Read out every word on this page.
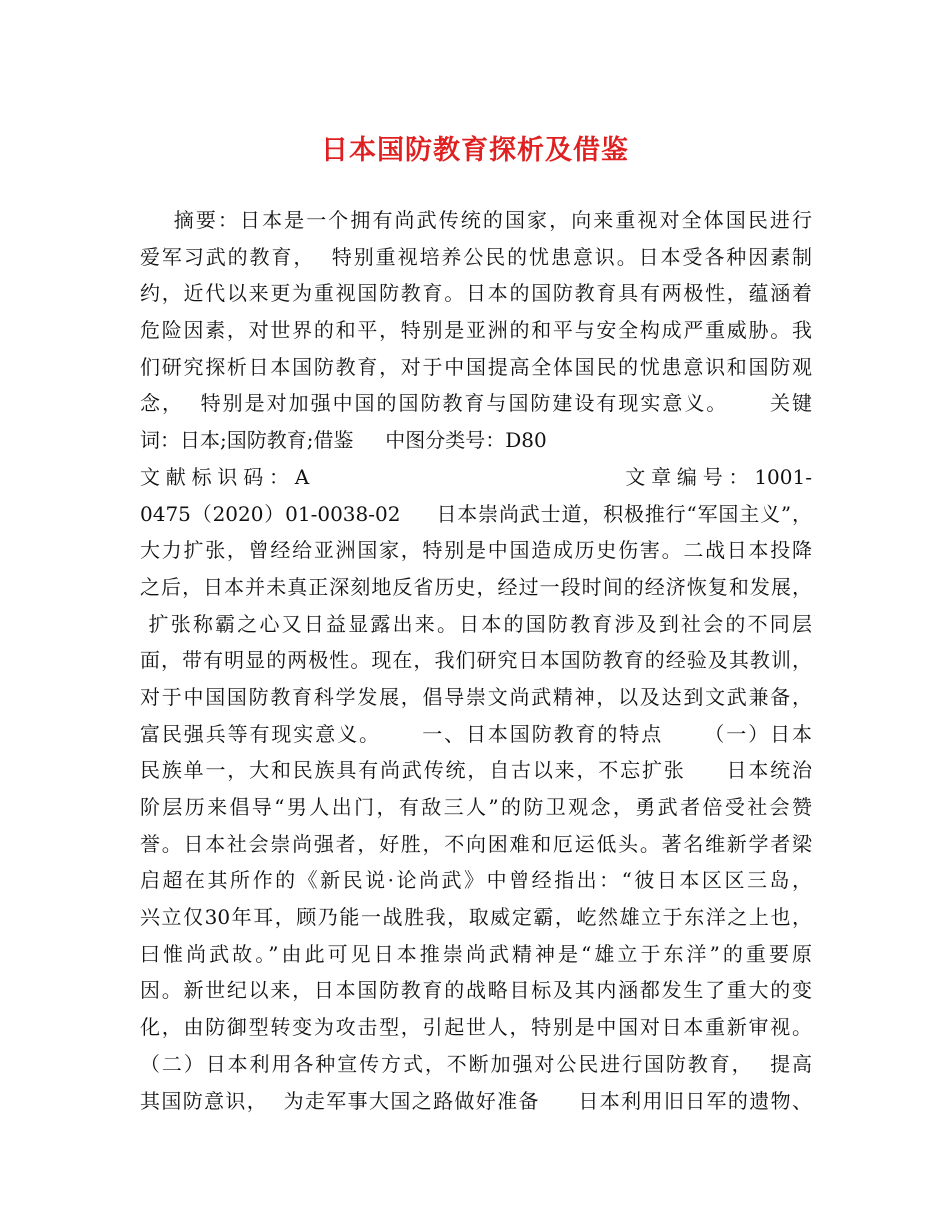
日本国防教育探析及借鉴
摘要：日本是一个拥有尚武传统的国家，向来重视对全体国民进行
爱军习武的教育，  特别重视培养公民的忧患意识。日本受各种因素制
约，近代以来更为重视国防教育。日本的国防教育具有两极性，蕴涵着
危险因素，对世界的和平，特别是亚洲的和平与安全构成严重威胁。我
们研究探析日本国防教育，对于中国提高全体国民的忧患意识和国防观
念，  特别是对加强中国的国防教育与国防建设有现实意义。     关键
词：日本;国防教育;借鉴     中图分类号：D80
文献标识码：A                          文章编号：1001-
0475（2020）01-0038-02     日本崇尚武士道，积极推行“军国主义”，
大力扩张，曾经给亚洲国家，特别是中国造成历史伤害。二战日本投降
之后，日本并未真正深刻地反省历史，经过一段时间的经济恢复和发展，
扩张称霸之心又日益显露出来。日本的国防教育涉及到社会的不同层
面，带有明显的两极性。现在，我们研究日本国防教育的经验及其教训，
对于中国国防教育科学发展，倡导崇文尚武精神，以及达到文武兼备，
富民强兵等有现实意义。     一、日本国防教育的特点     （一）日本
民族单一，大和民族具有尚武传统，自古以来，不忘扩张     日本统治
阶层历来倡导“男人出门，有敌三人”的防卫观念，勇武者倍受社会赞
誉。日本社会崇尚强者，好胜，不向困难和厄运低头。著名维新学者梁
启超在其所作的《新民说·论尚武》中曾经指出：“彼日本区区三岛，
兴立仅30年耳，顾乃能一战胜我，取威定霸，屹然雄立于东洋之上也，
曰惟尚武故。”由此可见日本推崇尚武精神是“雄立于东洋”的重要原
因。新世纪以来，日本国防教育的战略目标及其内涵都发生了重大的变
化，由防御型转变为攻击型，引起世人，特别是中国对日本重新审视。
（二）日本利用各种宣传方式，不断加强对公民进行国防教育，  提高
其国防意识，  为走军事大国之路做好准备     日本利用旧日军的遗物、
